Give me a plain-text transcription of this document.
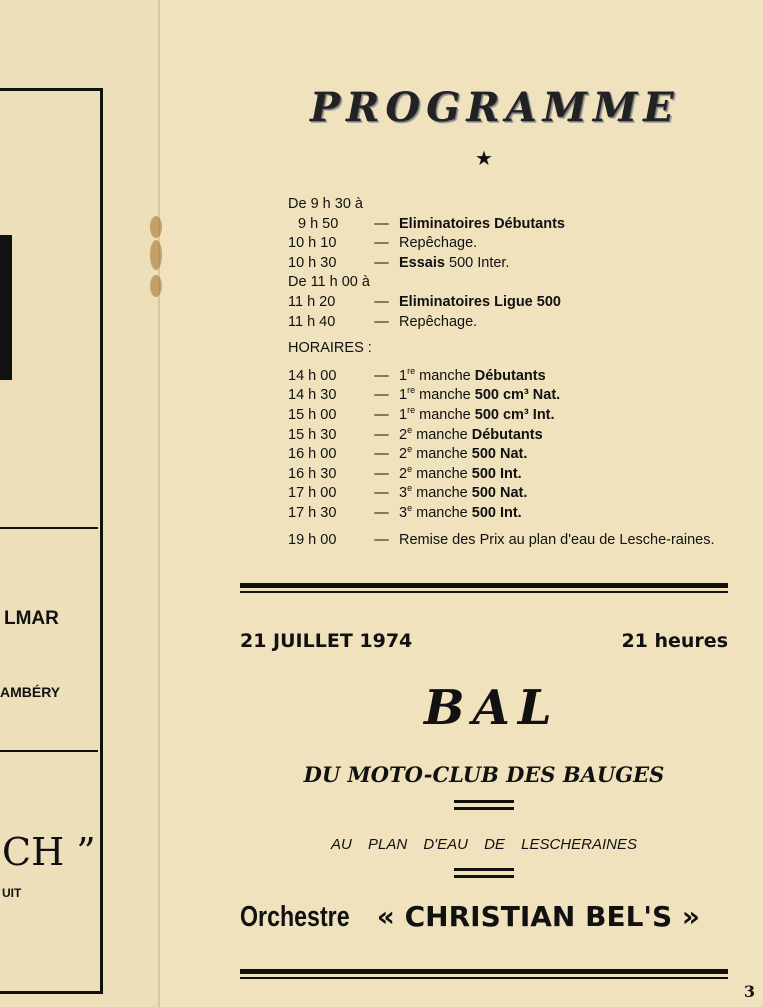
LMAR
AMBÉRY
CH ”
UIT
PROGRAMME
★
De 9 h 30 à
9 h 50	— Eliminatoires Débutants
10 h 10	— Repêchage.
10 h 30	— Essais 500 Inter.
De 11 h 00 à
11 h 20	— Eliminatoires Ligue 500
11 h 40	— Repêchage.
HORAIRES :
14 h 00	— 1re manche Débutants
14 h 30	— 1re manche 500 cm³ Nat.
15 h 00	— 1re manche 500 cm³ Int.
15 h 30	— 2e manche Débutants
16 h 00	— 2e manche 500 Nat.
16 h 30	— 2e manche 500 Int.
17 h 00	— 3e manche 500 Nat.
17 h 30	— 3e manche 500 Int.
19 h 00	— Remise des Prix au plan d'eau de Lesche-raines.
21 JUILLET 1974	21 heures
BAL
DU MOTO-CLUB DES BAUGES
AU PLAN D'EAU DE LESCHERAINES
Orchestre « CHRISTIAN BEL'S »
3
